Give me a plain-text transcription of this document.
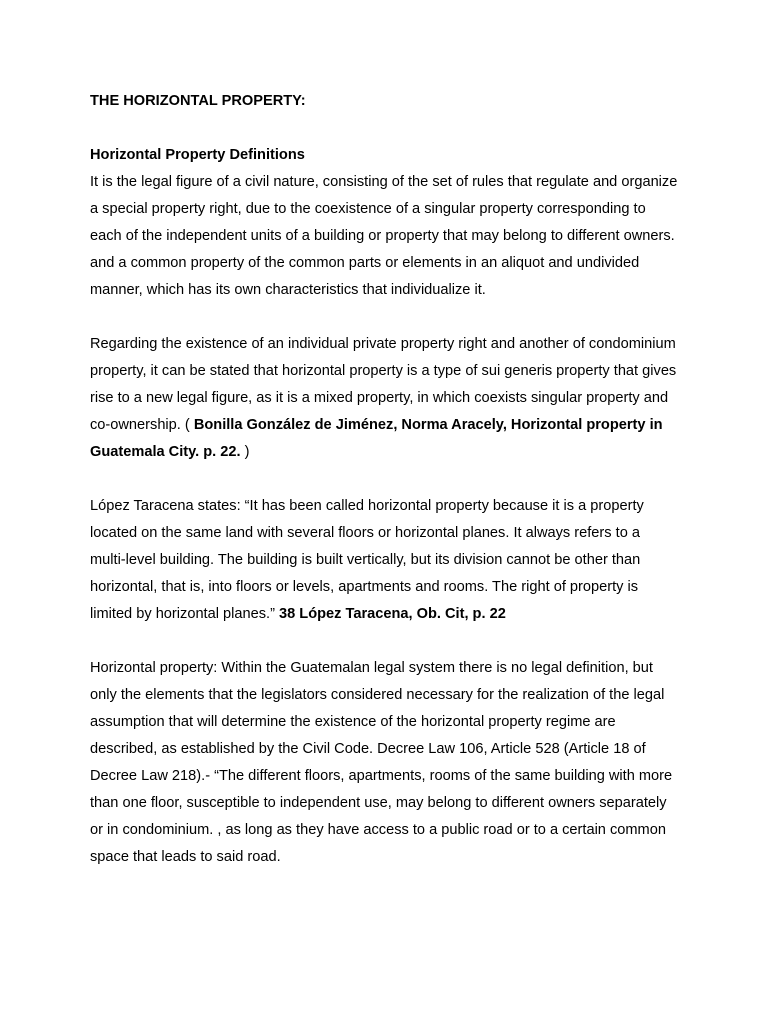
THE HORIZONTAL PROPERTY:

Horizontal Property Definitions

It is the legal figure of a civil nature, consisting of the set of rules that regulate and organize a special property right, due to the coexistence of a singular property corresponding to each of the independent units of a building or property that may belong to different owners. and a common property of the common parts or elements in an aliquot and undivided manner, which has its own characteristics that individualize it.

Regarding the existence of an individual private property right and another of condominium property, it can be stated that horizontal property is a type of sui generis property that gives rise to a new legal figure, as it is a mixed property, in which coexists singular property and co-ownership. ( Bonilla González de Jiménez, Norma Aracely, Horizontal property in Guatemala City. p. 22. )

López Taracena states: “It has been called horizontal property because it is a property located on the same land with several floors or horizontal planes. It always refers to a multi-level building. The building is built vertically, but its division cannot be other than horizontal, that is, into floors or levels, apartments and rooms. The right of property is limited by horizontal planes.” 38 López Taracena, Ob. Cit, p. 22

Horizontal property: Within the Guatemalan legal system there is no legal definition, but only the elements that the legislators considered necessary for the realization of the legal assumption that will determine the existence of the horizontal property regime are described, as established by the Civil Code. Decree Law 106, Article 528 (Article 18 of Decree Law 218).- “The different floors, apartments, rooms of the same building with more than one floor, susceptible to independent use, may belong to different owners separately or in condominium. , as long as they have access to a public road or to a certain common space that leads to said road.
